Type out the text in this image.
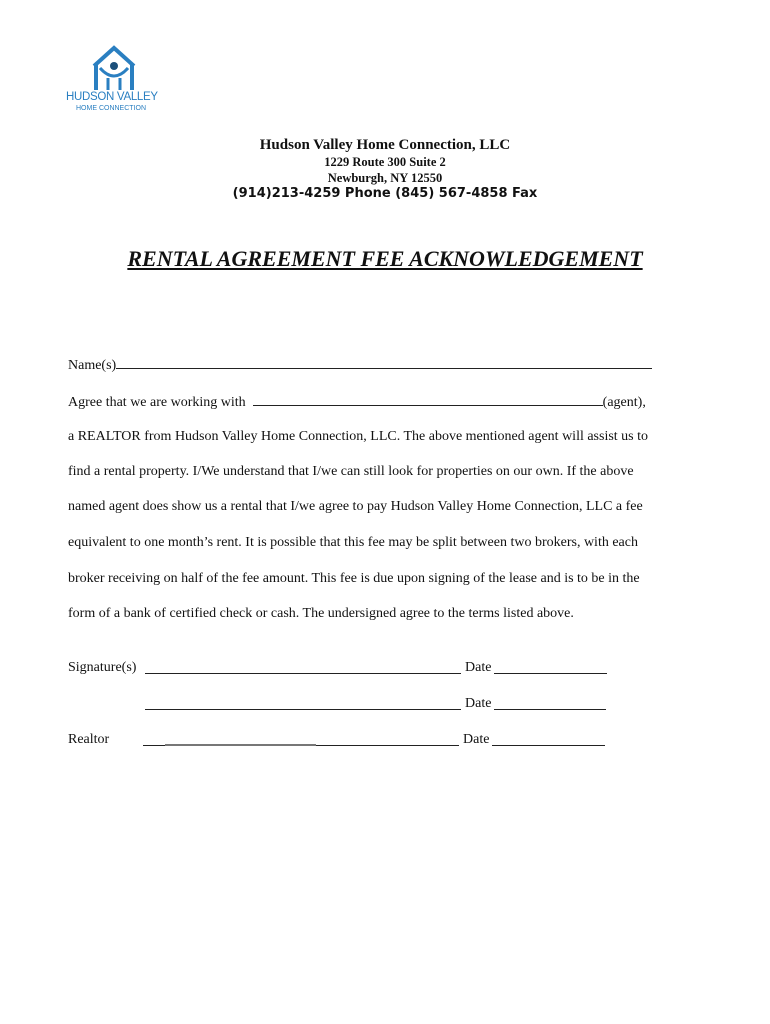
HUDSON VALLEY
HOME CONNECTION
Hudson Valley Home Connection, LLC
1229 Route 300 Suite 2
Newburgh, NY 12550
(914)213-4259 Phone (845) 567-4858 Fax
RENTAL AGREEMENT FEE ACKNOWLEDGEMENT
Name(s)
Agree that we are working with	(agent),
a REALTOR from Hudson Valley Home Connection, LLC. The above mentioned agent will assist us to
find a rental property. I/We understand that I/we can still look for properties on our own. If the above
named agent does show us a rental that I/we agree to pay Hudson Valley Home Connection, LLC a fee
equivalent to one month’s rent. It is possible that this fee may be split between two brokers, with each
broker receiving on half of the fee amount. This fee is due upon signing of the lease and is to be in the
form of a bank of certified check or cash. The undersigned agree to the terms listed above.
Signature(s)	Date
Date
Realtor	Date
